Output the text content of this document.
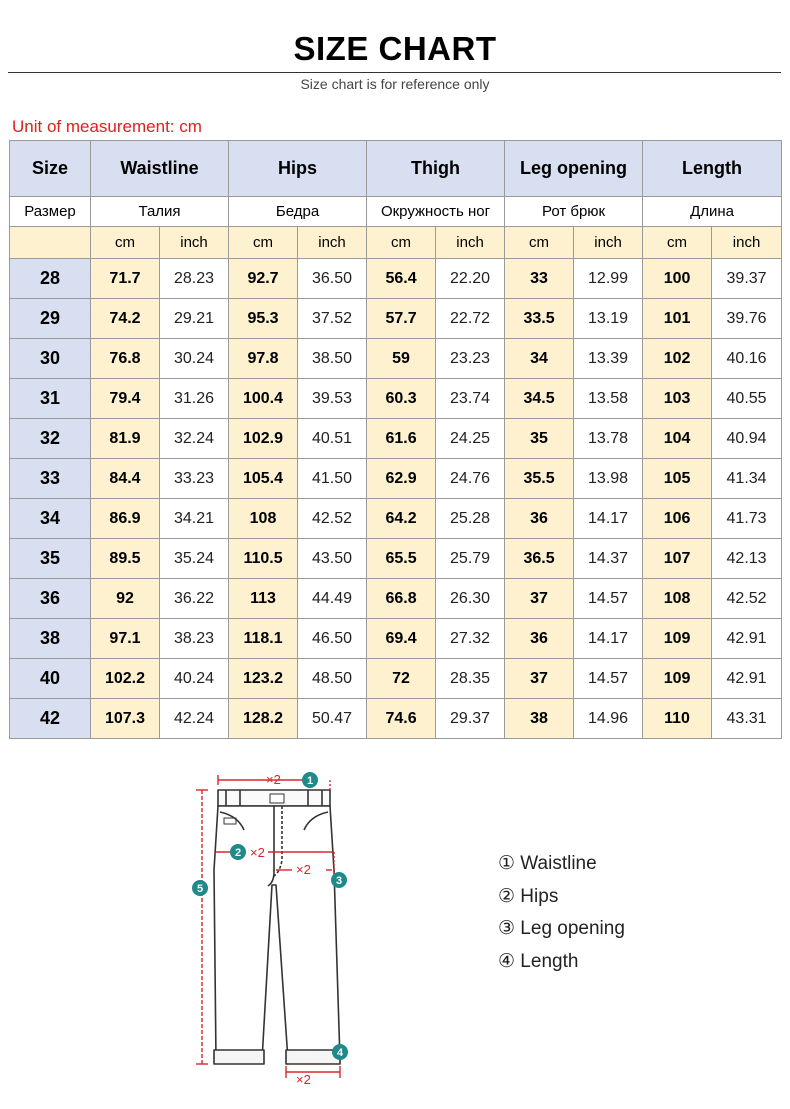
SIZE CHART
Size chart is for reference only
Unit of measurement: cm
Size	Waistline		Hips		Thigh		Leg opening		Length	
Размер	Талия		Бедра		Окружность ног		Рот брюк		Длина	
	cm	inch	cm	inch	cm	inch	cm	inch	cm	inch
28	71.7	28.23	92.7	36.50	56.4	22.20	33	12.99	100	39.37
29	74.2	29.21	95.3	37.52	57.7	22.72	33.5	13.19	101	39.76
30	76.8	30.24	97.8	38.50	59	23.23	34	13.39	102	40.16
31	79.4	31.26	100.4	39.53	60.3	23.74	34.5	13.58	103	40.55
32	81.9	32.24	102.9	40.51	61.6	24.25	35	13.78	104	40.94
33	84.4	33.23	105.4	41.50	62.9	24.76	35.5	13.98	105	41.34
34	86.9	34.21	108	42.52	64.2	25.28	36	14.17	106	41.73
35	89.5	35.24	110.5	43.50	65.5	25.79	36.5	14.37	107	42.13
36	92	36.22	113	44.49	66.8	26.30	37	14.57	108	42.52
38	97.1	38.23	118.1	46.50	69.4	27.32	36	14.17	109	42.91
40	102.2	40.24	123.2	48.50	72	28.35	37	14.57	109	42.91
42	107.3	42.24	128.2	50.47	74.6	29.37	38	14.96	110	43.31
×2
×2
×2
×2
1
2
3
4
5
① Waistline
② Hips
③ Leg opening
④ Length
